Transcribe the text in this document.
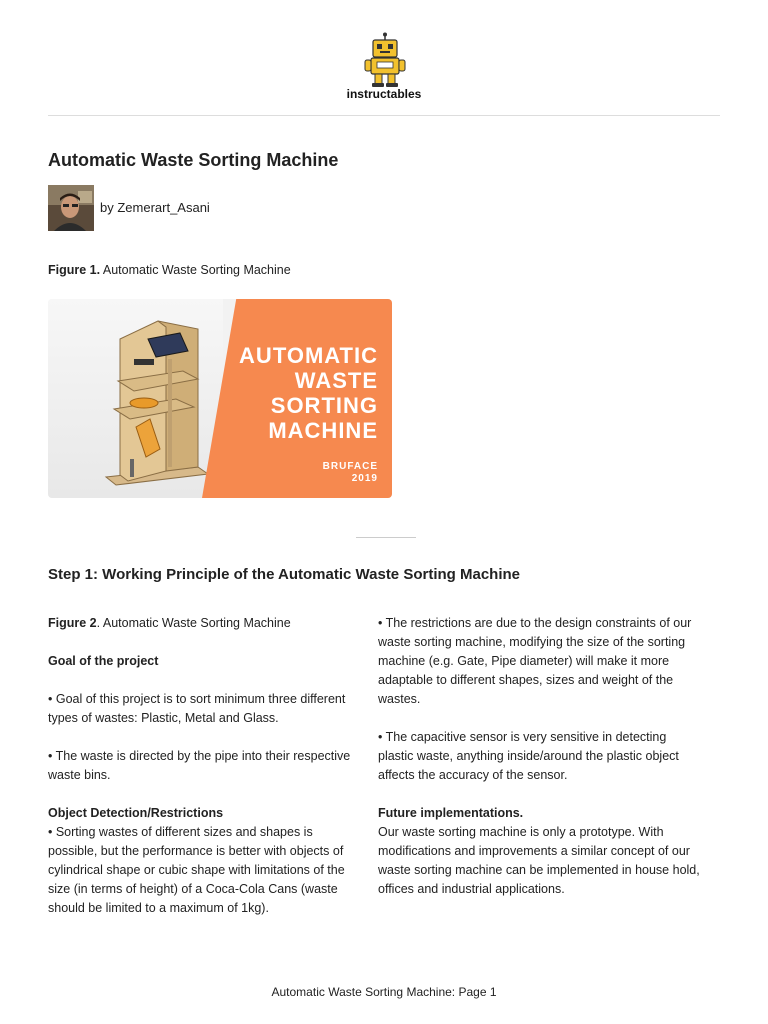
instructables
Automatic Waste Sorting Machine
by Zemerart_Asani
Figure 1. Automatic Waste Sorting Machine
AUTOMATIC
WASTE
SORTING
MACHINE
BRUFACE
2019
Step 1: Working Principle of the Automatic Waste Sorting Machine

Figure 2. Automatic Waste Sorting Machine

Goal of the project

• Goal of this project is to sort minimum three different types of wastes: Plastic, Metal and Glass.

• The waste is directed by the pipe into their respective waste bins.

Object Detection/Restrictions

• Sorting wastes of different sizes and shapes is possible, but the performance is better with objects of cylindrical shape or cubic shape with limitations of the size (in terms of height) of a Coca-Cola Cans (waste should be limited to a maximum of 1kg).

• The restrictions are due to the design constraints of our waste sorting machine, modifying the size of the sorting machine (e.g. Gate, Pipe diameter) will make it more adaptable to different shapes, sizes and weight of the wastes.

• The capacitive sensor is very sensitive in detecting plastic waste, anything inside/around the plastic object affects the accuracy of the sensor.

Future implementations.

Our waste sorting machine is only a prototype. With modifications and improvements a similar concept of our waste sorting machine can be implemented in house hold, offices and industrial applications.

Automatic Waste Sorting Machine: Page 1
